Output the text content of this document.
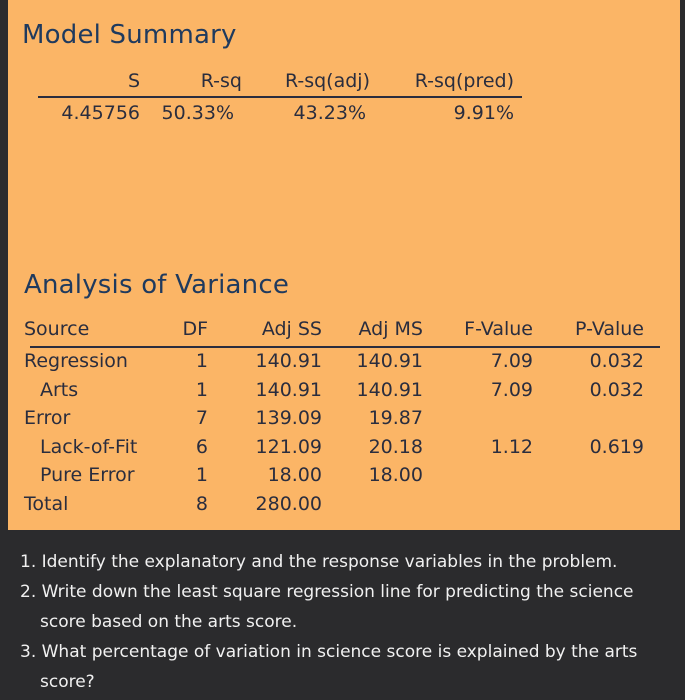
Model Summary
S	R-sq	R-sq(adj)	R-sq(pred)
4.45756	50.33%	43.23%	9.91%
Analysis of Variance
Source	DF	Adj SS	Adj MS	F-Value	P-Value
Regression	1	140.91	140.91	7.09	0.032
Arts	1	140.91	140.91	7.09	0.032
Error	7	139.09	19.87
Lack-of-Fit	6	121.09	20.18	1.12	0.619
Pure Error	1	18.00	18.00
Total	8	280.00
1. Identify the explanatory and the response variables in the problem.
2. Write down the least square regression line for predicting the science
score based on the arts score.
3. What percentage of variation in science score is explained by the arts
score?
